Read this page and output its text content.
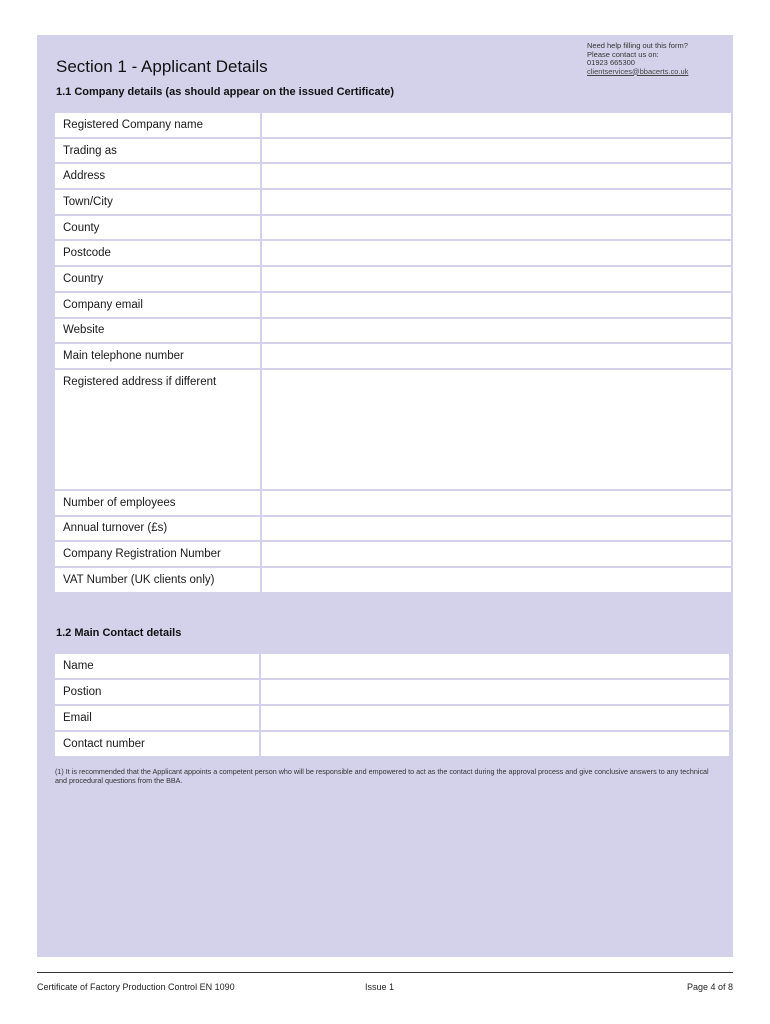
Need help filling out this form?
Please contact us on:
01923 665300
clientservices@bbacerts.co.uk
Section 1 - Applicant Details
1.1 Company details (as should appear on the issued Certificate)
Registered Company name	
Trading as	
Address	
Town/City	
County	
Postcode	
Country	
Company email	
Website	
Main telephone number	
Registered address if different	
Number of employees	
Annual turnover (£s)	
Company Registration Number	
VAT Number (UK clients only)	
1.2 Main Contact details
Name	
Postion	
Email	
Contact number	
(1) It is recommended that the Applicant appoints a competent person who will be responsible and empowered to act as the contact during the approval process and give conclusive answers to any technical and procedural questions from the BBA.
Certificate of Factory Production Control EN 1090	Issue 1	Page 4 of 8
